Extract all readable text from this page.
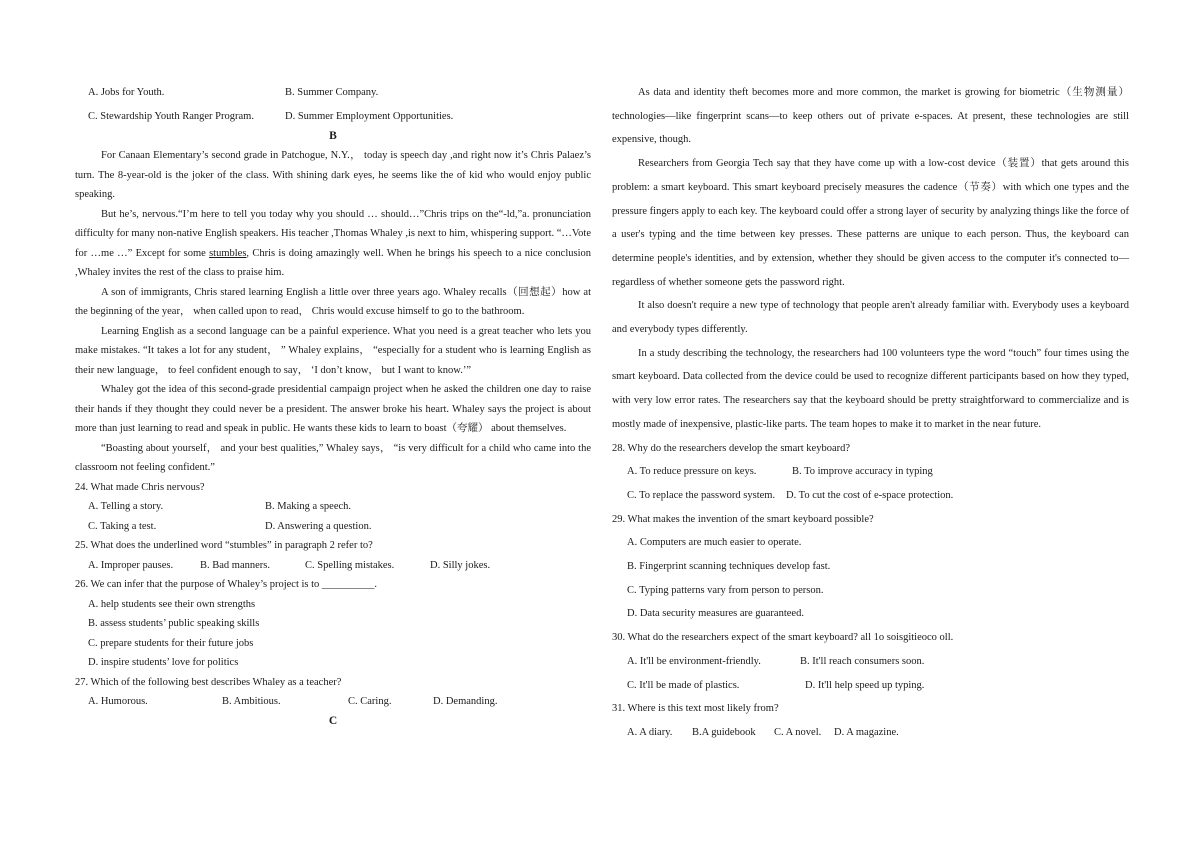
A. Jobs for Youth.	B. Summer Company.
C. Stewardship Youth Ranger Program.	D. Summer Employment Opportunities.

B

For Canaan Elementary’s second grade in Patchogue, N.Y.， today is speech day ,and right now it’s Chris Palaez’s turn. The 8-year-old is the joker of the class. With shining dark eyes, he seems like the of kid who would enjoy public speaking.

But he’s, nervous.“I’m here to tell you today why you should … should…”Chris trips on the“-ld,”a. pronunciation difficulty for many non-native English speakers. His teacher ,Thomas Whaley ,is next to him, whispering support. “…Vote for …me …” Except for some stumbles, Chris is doing amazingly well. When he brings his speech to a nice conclusion ,Whaley invites the rest of the class to praise him.

A son of immigrants, Chris stared learning English a little over three years ago. Whaley recalls（回想起）how at the beginning of the year， when called upon to read， Chris would excuse himself to go to the bathroom.

Learning English as a second language can be a painful experience. What you need is a great teacher who lets you make mistakes. “It takes a lot for any student， ” Whaley explains， “especially for a student who is learning English as their new language， to feel confident enough to say， ‘I don’t know， but I want to know.’”

Whaley got the idea of this second-grade presidential campaign project when he asked the children one day to raise their hands if they thought they could never be a president. The answer broke his heart. Whaley says the project is about more than just learning to read and speak in public. He wants these kids to learn to boast（夸耀） about themselves.

“Boasting about yourself， and your best qualities,” Whaley says， “is very difficult for a child who came into the classroom not feeling confident.”

24. What made Chris nervous?

A. Telling a story.	B. Making a speech.
C. Taking a test.	D. Answering a question.

25. What does the underlined word “stumbles” in paragraph 2 refer to?

A. Improper pauses.	B. Bad manners.	C. Spelling mistakes.	D. Silly jokes.

26. We can infer that the purpose of Whaley’s project is to __________.

A. help students see their own strengths

B. assess students’ public speaking skills

C. prepare students for their future jobs

D. inspire students’ love for politics

27. Which of the following best describes Whaley as a teacher?

A. Humorous.	B. Ambitious.	C. Caring.	D. Demanding.

C

As data and identity theft becomes more and more common, the market is growing for biometric（生物测量）technologies—like fingerprint scans—to keep others out of private e-spaces. At present, these technologies are still expensive, though.

Researchers from Georgia Tech say that they have come up with a low-cost device（装置）that gets around this problem: a smart keyboard. This smart keyboard precisely measures the cadence（节奏）with which one types and the pressure fingers apply to each key. The keyboard could offer a strong layer of security by analyzing things like the force of a user's typing and the time between key presses. These patterns are unique to each person. Thus, the keyboard can determine people's identities, and by extension, whether they should be given access to the computer it's connected to—regardless of whether someone gets the password right.

It also doesn't require a new type of technology that people aren't already familiar with. Everybody uses a keyboard and everybody types differently.

In a study describing the technology, the researchers had 100 volunteers type the word “touch” four times using the smart keyboard. Data collected from the device could be used to recognize different participants based on how they typed, with very low error rates. The researchers say that the keyboard should be pretty straightforward to commercialize and is mostly made of inexpensive, plastic-like parts. The team hopes to make it to market in the near future.

28. Why do the researchers develop the smart keyboard?

A. To reduce pressure on keys.	B. To improve accuracy in typing
C. To replace the password system. D. To cut the cost of e-space protection.

29. What makes the invention of the smart keyboard possible?

A. Computers are much easier to operate.

B. Fingerprint scanning techniques develop fast.

C. Typing patterns vary from person to person.

D. Data security measures are guaranteed.

30. What do the researchers expect of the smart keyboard? all 1o soisgitieoco oll.

A. It'll be environment-friendly.	B. It'll reach consumers soon.
C. It'll be made of plastics.	D. It'll help speed up typing.

31. Where is this text most likely from?

A. A diary. B.A guidebook C. A novel. D. A magazine.
